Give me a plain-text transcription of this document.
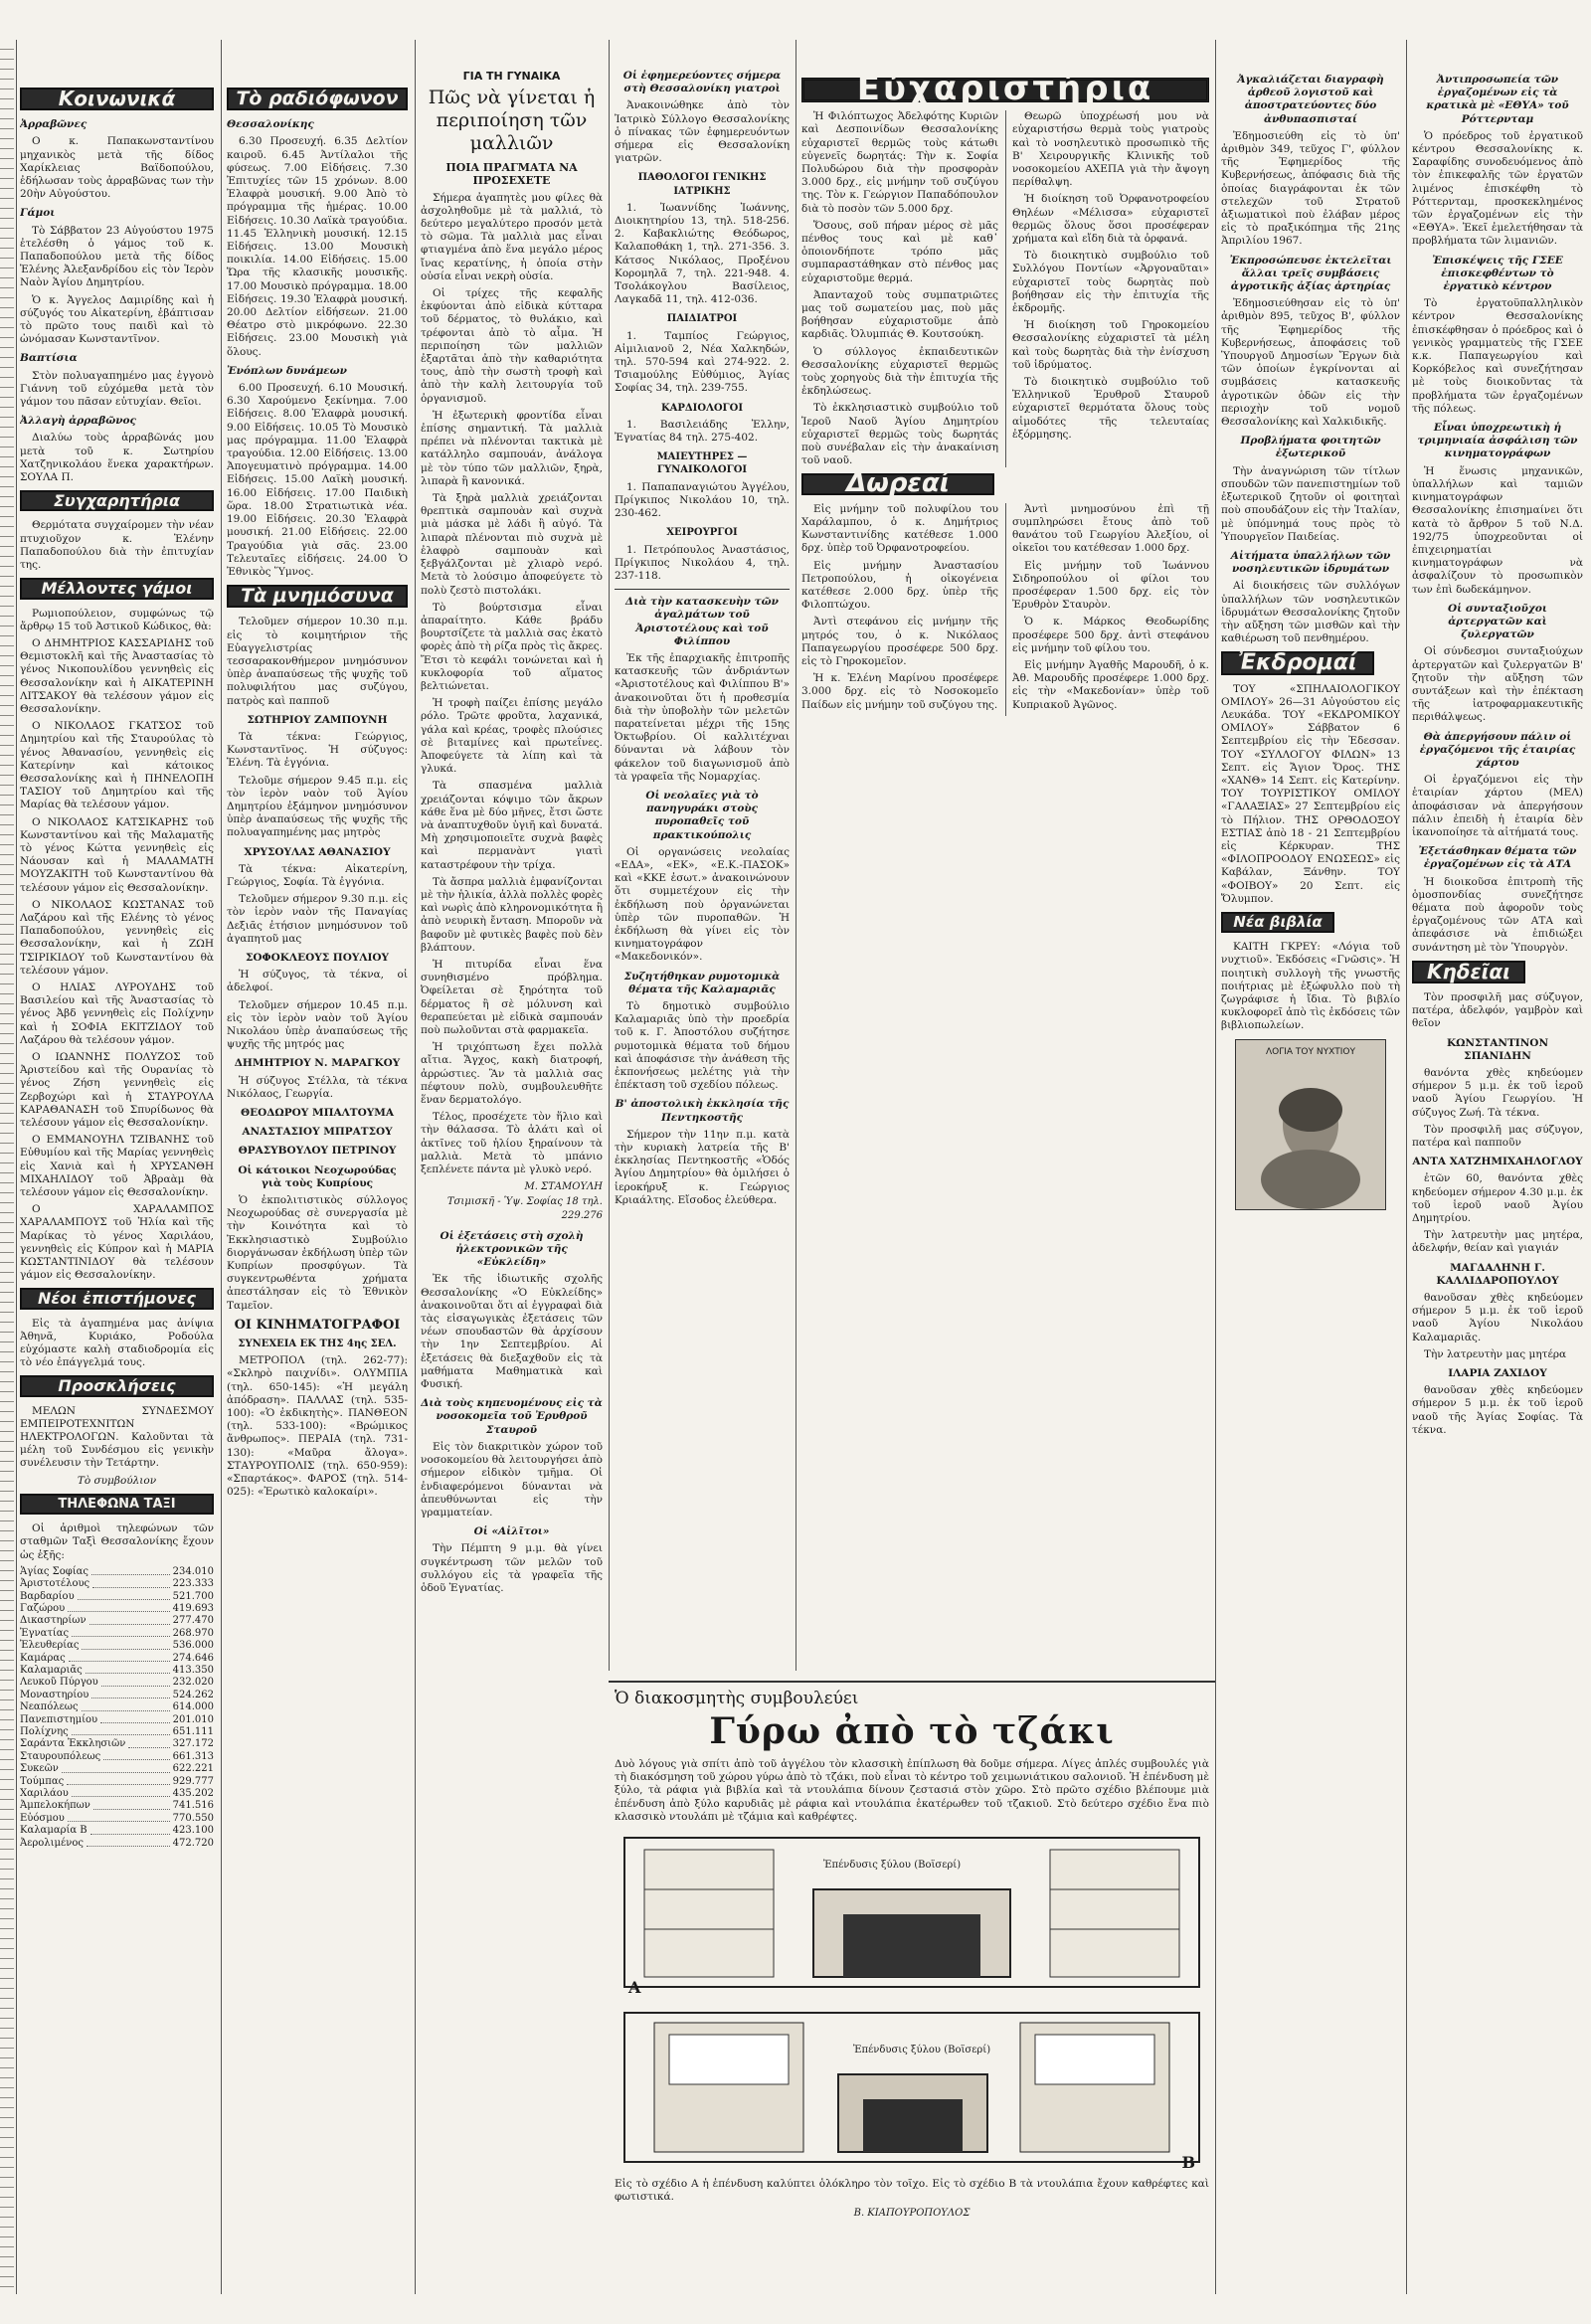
Κοινωνικά
Ἀρραβῶνες

Ο κ. Παπακωνσταντίνου μηχανικὸς μετὰ τῆς δίδος Χαρίκλειας Βαϊδοπούλου, ἐδήλωσαν τοὺς ἀρραβῶνας των τὴν 20ὴν Αὐγούστου.

Γάμοι

Τὸ Σάββατον 23 Αὐγούστου 1975 ἐτελέσθη ὁ γάμος τοῦ κ. Παπαδοπούλου μετὰ τῆς δίδος Ἑλένης Ἀλεξανδρίδου εἰς τὸν Ἱερὸν Ναὸν Ἁγίου Δημητρίου.

Ὁ κ. Ἀγγελος Δαμιρίδης καὶ ἡ σύζυγός του Αἰκατερίνη, ἐβάπτισαν τὸ πρῶτο τους παιδὶ καὶ τὸ ὠνόμασαν Κωνσταντῖνον.

Βαπτίσια

Στὸν πολυαγαπημένο μας ἐγγονὸ Γιάννη τοῦ εὐχόμεθα μετὰ τὸν γάμον του πᾶσαν εὐτυχίαν. Θεῖοι.

Ἀλλαγὴ ἀρραβῶνος

Διαλύω τοὺς ἀρραβῶνάς μου μετὰ τοῦ κ. Σωτηρίου Χατζηνικολάου ἕνεκα χαρακτήρων. ΣΟΥΛΑ Π.

Συγχαρητήρια

Θερμότατα συγχαίρομεν τὴν νέαν πτυχιοῦχον κ. Ἑλένην Παπαδοπούλου διὰ τὴν ἐπιτυχίαν της.

Μέλλοντες γάμοι

Ρωμιοπούλειον, συμφώνως τῷ ἄρθρῳ 15 τοῦ Ἀστικοῦ Κώδικος, θὰ:

Ο ΔΗΜΗΤΡΙΟΣ ΚΑΣΣΑΡΙΔΗΣ τοῦ Θεμιστοκλῆ καὶ τῆς Ἀναστασίας τὸ γένος Νικοπουλίδου γεννηθεὶς εἰς Θεσσαλονίκην καὶ ἡ ΑΙΚΑΤΕΡΙΝΗ ΛΙΤΣΑΚΟΥ θὰ τελέσουν γάμον εἰς Θεσσαλονίκην.

Ο ΝΙΚΟΛΑΟΣ ΓΚΑΤΣΟΣ τοῦ Δημητρίου καὶ τῆς Σταυρούλας τὸ γένος Ἀθανασίου, γεννηθεὶς εἰς Κατερίνην καὶ κάτοικος Θεσσαλονίκης καὶ ἡ ΠΗΝΕΛΟΠΗ ΤΑΣΙΟΥ τοῦ Δημητρίου καὶ τῆς Μαρίας θὰ τελέσουν γάμον.

Ο ΝΙΚΟΛΑΟΣ ΚΑΤΣΙΚΑΡΗΣ τοῦ Κωνσταντίνου καὶ τῆς Μαλαματῆς τὸ γένος Κώττα γεννηθεὶς εἰς Νάουσαν καὶ ἡ ΜΑΛΑΜΑΤΗ ΜΟΥΖΑΚΙΤΗ τοῦ Κωνσταντίνου θὰ τελέσουν γάμον εἰς Θεσσαλονίκην.

Ο ΝΙΚΟΛΑΟΣ ΚΩΣΤΑΝΑΣ τοῦ Λαζάρου καὶ τῆς Ελένης τὸ γένος Παπαδοπούλου, γεννηθεὶς εἰς Θεσσαλονίκην, καὶ ἡ ΖΩΗ ΤΣΙΡΙΚΙΔΟΥ τοῦ Κωνσταντίνου θὰ τελέσουν γάμον.

Ο ΗΛΙΑΣ ΛΥΡΟΥΔΗΣ τοῦ Βασιλείου καὶ τῆς Ἀναστασίας τὸ γένος Ἀβδ γεννηθεὶς εἰς Πολίχνην καὶ ἡ ΣΟΦΙΑ ΕΚΙΤΖΙΔΟΥ τοῦ Λαζάρου θὰ τελέσουν γάμον.

Ο ΙΩΑΝΝΗΣ ΠΟΛΥΖΟΣ τοῦ Ἀριστείδου καὶ τῆς Ουρανίας τὸ γένος Ζήση γεννηθεὶς εἰς Ζερβοχώρι καὶ ἡ ΣΤΑΥΡΟΥΛΑ ΚΑΡΑΘΑΝΑΣΗ τοῦ Σπυρίδωνος θὰ τελέσουν γάμον εἰς Θεσσαλονίκην.

Ο ΕΜΜΑΝΟΥΗΛ ΤΖΙΒΑΝΗΣ τοῦ Εὐθυμίου καὶ τῆς Μαρίας γεννηθεὶς εἰς Χανιὰ καὶ ἡ ΧΡΥΣΑΝΘΗ ΜΙΧΑΗΛΙΔΟΥ τοῦ Ἀβραὰμ θὰ τελέσουν γάμον εἰς Θεσσαλονίκην.

Ο ΧΑΡΑΛΑΜΠΟΣ ΧΑΡΑΛΑΜΠΟΥΣ τοῦ Ἠλία καὶ τῆς Μαρίκας τὸ γένος Χαριλάου, γεννηθεὶς εἰς Κύπρον καὶ ἡ ΜΑΡΙΑ ΚΩΣΤΑΝΤΙΝΙΔΟΥ θὰ τελέσουν γάμον εἰς Θεσσαλονίκην.

Νέοι ἐπιστήμονες

Εἰς τὰ ἀγαπημένα μας ἀνίψια Ἀθηνᾶ, Κυριάκο, Ροδούλα εὐχόμαστε καλὴ σταδιοδρομία εἰς τὸ νέο ἐπάγγελμά τους.

Προσκλήσεις

ΜΕΛΩΝ ΣΥΝΔΕΣΜΟΥ ΕΜΠΕΙΡΟΤΕΧΝΙΤΩΝ ΗΛΕΚΤΡΟΛΟΓΩΝ. Καλοῦνται τὰ μέλη τοῦ Συνδέσμου εἰς γενικὴν συνέλευσιν τὴν Τετάρτην.

Τὸ συμβούλιον
ΤΗΛΕΦΩΝΑ ΤΑΞΙ

Οἱ ἀριθμοὶ τηλεφώνων τῶν σταθμῶν Ταξὶ Θεσσαλονίκης ἔχουν ὡς ἑξῆς:

Ἁγίας Σοφίας	234.010
Ἀριστοτέλους	223.333
Βαρδαρίου	521.700
Γαζώρου	419.693
Δικαστηρίων	277.470
Ἐγνατίας	268.970
Ἐλευθερίας	536.000
Καμάρας	274.646
Καλαμαριᾶς	413.350
Λευκοῦ Πύργου	232.020
Μοναστηρίου	524.262
Νεαπόλεως	614.000
Πανεπιστημίου	201.010
Πολίχνης	651.111
Σαράντα Ἐκκλησιῶν	327.172
Σταυρουπόλεως	661.313
Συκεῶν	622.221
Τούμπας	929.777
Χαριλάου	435.202
Ἀμπελοκήπων	741.516
Εὐόσμου	770.550
Καλαμαρία Β	423.100
Ἀερολιμένος	472.720
Τὸ ραδιόφωνον
Θεσσαλονίκης

6.30 Προσευχή. 6.35 Δελτίον καιροῦ. 6.45 Ἀντίλαλοι τῆς φύσεως. 7.00 Εἰδήσεις. 7.30 Ἐπιτυχίες τῶν 15 χρόνων. 8.00 Ἐλαφρὰ μουσική. 9.00 Ἀπὸ τὸ πρόγραμμα τῆς ἡμέρας. 10.00 Εἰδήσεις. 10.30 Λαϊκὰ τραγούδια. 11.45 Ἑλληνικὴ μουσική. 12.15 Εἰδήσεις. 13.00 Μουσικὴ ποικιλία. 14.00 Εἰδήσεις. 15.00 Ὥρα τῆς κλασικῆς μουσικῆς. 17.00 Μουσικὸ πρόγραμμα. 18.00 Εἰδήσεις. 19.30 Ἐλαφρὰ μουσική. 20.00 Δελτίον εἰδήσεων. 21.00 Θέατρο στὸ μικρόφωνο. 22.30 Εἰδήσεις. 23.00 Μουσικὴ γιὰ ὅλους.

Ἐνόπλων δυνάμεων

6.00 Προσευχή. 6.10 Μουσική. 6.30 Χαρούμενο ξεκίνημα. 7.00 Εἰδήσεις. 8.00 Ἐλαφρὰ μουσική. 9.00 Εἰδήσεις. 10.05 Τὸ Μουσικὸ μας πρόγραμμα. 11.00 Ἐλαφρὰ τραγούδια. 12.00 Εἰδήσεις. 13.00 Ἀπογευματινὸ πρόγραμμα. 14.00 Εἰδήσεις. 15.00 Λαϊκὴ μουσική. 16.00 Εἰδήσεις. 17.00 Παιδικὴ ὥρα. 18.00 Στρατιωτικὰ νέα. 19.00 Εἰδήσεις. 20.30 Ἐλαφρὰ μουσική. 21.00 Εἰδήσεις. 22.00 Τραγούδια γιὰ σᾶς. 23.00 Τελευταῖες εἰδήσεις. 24.00 Ὁ Ἐθνικὸς Ὕμνος.

Τὰ μνημόσυνα

Τελοῦμεν σήμερον 10.30 π.μ. εἰς τὸ κοιμητήριον τῆς Εὐαγγελιστρίας τεσσαρακονθήμερον μνημόσυνον ὑπὲρ ἀναπαύσεως τῆς ψυχῆς τοῦ πολυφιλήτου μας συζύγου, πατρὸς καὶ παπποῦ

ΣΩΤΗΡΙΟΥ ΖΑΜΠΟΥΝΗ

Τὰ τέκνα: Γεώργιος, Κωνσταντῖνος. Ἡ σύζυγος: Ἑλένη. Τὰ ἐγγόνια.

Τελοῦμε σήμερον 9.45 π.μ. εἰς τὸν ἱερὸν ναὸν τοῦ Ἁγίου Δημητρίου ἑξάμηνον μνημόσυνον ὑπὲρ ἀναπαύσεως τῆς ψυχῆς τῆς πολυαγαπημένης μας μητρὸς

ΧΡΥΣΟΥΛΑΣ ΑΘΑΝΑΣΙΟΥ

Τὰ τέκνα: Αἰκατερίνη, Γεώργιος, Σοφία. Τὰ ἐγγόνια.

Τελοῦμεν σήμερον 9.30 π.μ. εἰς τὸν ἱερὸν ναὸν τῆς Παναγίας Δεξιᾶς ἐτήσιον μνημόσυνον τοῦ ἀγαπητοῦ μας

ΣΟΦΟΚΛΕΟΥΣ ΠΟΥΛΙΟΥ

Ἡ σύζυγος, τὰ τέκνα, οἱ ἀδελφοί.

Τελοῦμεν σήμερον 10.45 π.μ. εἰς τὸν ἱερὸν ναὸν τοῦ Ἁγίου Νικολάου ὑπὲρ ἀναπαύσεως τῆς ψυχῆς τῆς μητρός μας

ΔΗΜΗΤΡΙΟΥ Ν. ΜΑΡΑΓΚΟΥ

Ἡ σύζυγος Στέλλα, τὰ τέκνα Νικόλαος, Γεωργία.

ΘΕΟΔΩΡΟΥ ΜΠΑΛΤΟΥΜΑ
ΑΝΑΣΤΑΣΙΟΥ ΜΠΡΑΤΣΟΥ
ΘΡΑΣΥΒΟΥΛΟΥ ΠΕΤΡΙΝΟΥ
Οἱ κάτοικοι Νεοχωρούδας γιὰ τοὺς Κυπρίους

Ὁ ἐκπολιτιστικὸς σύλλογος Νεοχωρούδας σὲ συνεργασία μὲ τὴν Κοινότητα καὶ τὸ Ἐκκλησιαστικὸ Συμβούλιο διοργάνωσαν ἐκδήλωση ὑπὲρ τῶν Κυπρίων προσφύγων. Τὰ συγκεντρωθέντα χρήματα ἀπεστάλησαν εἰς τὸ Ἐθνικὸν Ταμεῖον.

ΟΙ ΚΙΝΗΜΑΤΟΓΡΑΦΟΙ
ΣΥΝΕΧΕΙΑ ΕΚ ΤΗΣ 4ης ΣΕΛ.

ΜΕΤΡΟΠΟΛ (τηλ. 262-77): «Σκληρὸ παιχνίδι». ΟΛΥΜΠΙΑ (τηλ. 650-145): «Ἡ μεγάλη ἀπόδραση». ΠΑΛΛΑΣ (τηλ. 535-100): «Ὁ ἐκδικητὴς». ΠΑΝΘΕΟΝ (τηλ. 533-100): «Βρώμικος ἄνθρωπος». ΠΕΡΑΙΑ (τηλ. 731-130): «Μαῦρα ἄλογα». ΣΤΑΥΡΟΥΠΟΛΙΣ (τηλ. 650-959): «Σπαρτάκος». ΦΑΡΟΣ (τηλ. 514-025): «Ἐρωτικὸ καλοκαίρι».

ΓΙΑ ΤΗ ΓΥΝΑΙΚΑ
Πῶς νὰ γίνεται ἡ περιποίηση τῶν μαλλιῶν
ΠΟΙΑ ΠΡΑΓΜΑΤΑ ΝΑ ΠΡΟΣΕΧΕΤΕ

Σήμερα ἀγαπητὲς μου φίλες θὰ ἀσχοληθοῦμε μὲ τὰ μαλλιά, τὸ δεύτερο μεγαλύτερο προσόν μετὰ τὸ σῶμα. Τὰ μαλλιὰ μας εἶναι φτιαγμένα ἀπὸ ἕνα μεγάλο μέρος ἴνας κερατίνης, ἡ ὁποία στὴν οὐσία εἶναι νεκρὴ οὐσία.

Οἱ τρίχες τῆς κεφαλῆς ἐκφύονται ἀπὸ εἰδικὰ κύτταρα τοῦ δέρματος, τὸ θυλάκιο, καὶ τρέφονται ἀπὸ τὸ αἷμα. Ἡ περιποίηση τῶν μαλλιῶν ἐξαρτᾶται ἀπὸ τὴν καθαριότητα τους, ἀπὸ τὴν σωστὴ τροφὴ καὶ ἀπὸ τὴν καλὴ λειτουργία τοῦ ὀργανισμοῦ.

Ἡ ἐξωτερικὴ φροντίδα εἶναι ἐπίσης σημαντική. Τὰ μαλλιὰ πρέπει νὰ πλένονται τακτικὰ μὲ κατάλληλο σαμπουάν, ἀνάλογα μὲ τὸν τύπο τῶν μαλλιῶν, ξηρὰ, λιπαρὰ ἢ κανονικά.

Τὰ ξηρὰ μαλλιὰ χρειάζονται θρεπτικὰ σαμπουὰν καὶ συχνὰ μιὰ μάσκα μὲ λάδι ἢ αὐγό. Τὰ λιπαρὰ πλένονται πιὸ συχνὰ μὲ ἐλαφρὸ σαμπουὰν καὶ ξεβγάλζονται μὲ χλιαρὸ νερό. Μετὰ τὸ λούσιμο ἀποφεύγετε τὸ πολὺ ζεστὸ πιστολάκι.

Τὸ βούρτσισμα εἶναι ἀπαραίτητο. Κάθε βράδυ βουρτσίζετε τὰ μαλλιὰ σας ἑκατὸ φορὲς ἀπὸ τὴ ρίζα πρὸς τὶς ἄκρες. Ἔτσι τὸ κεφάλι τονώνεται καὶ ἡ κυκλοφορία τοῦ αἵματος βελτιώνεται.

Ἡ τροφὴ παίζει ἐπίσης μεγάλο ρόλο. Τρῶτε φροῦτα, λαχανικά, γάλα καὶ κρέας, τροφὲς πλούσιες σὲ βιταμίνες καὶ πρωτεΐνες. Ἀποφεύγετε τὰ λίπη καὶ τὰ γλυκά.

Τὰ σπασμένα μαλλιὰ χρειάζονται κόψιμο τῶν ἄκρων κάθε ἕνα μὲ δύο μῆνες, ἔτσι ὥστε νὰ ἀναπτυχθοῦν ὑγιῆ καὶ δυνατά. Μὴ χρησιμοποιεῖτε συχνὰ βαφὲς καὶ περμανὰντ γιατὶ καταστρέφουν τὴν τρίχα.

Τὰ ἄσπρα μαλλιὰ ἐμφανίζονται μὲ τὴν ἡλικία, ἀλλὰ πολλὲς φορὲς καὶ νωρὶς ἀπὸ κληρονομικότητα ἢ ἀπὸ νευρικὴ ἔνταση. Μποροῦν νὰ βαφοῦν μὲ φυτικὲς βαφὲς ποὺ δὲν βλάπτουν.

Ἡ πιτυρίδα εἶναι ἕνα συνηθισμένο πρόβλημα. Ὀφείλεται σὲ ξηρότητα τοῦ δέρματος ἢ σὲ μόλυνση καὶ θεραπεύεται μὲ εἰδικὰ σαμπουάν ποὺ πωλοῦνται στὰ φαρμακεῖα.

Ἡ τριχόπτωση ἔχει πολλὰ αἴτια. Ἄγχος, κακὴ διατροφή, ἀρρώστιες. Ἂν τὰ μαλλιὰ σας πέφτουν πολὺ, συμβουλευθῆτε ἕναν δερματολόγο.

Τέλος, προσέχετε τὸν ἥλιο καὶ τὴν θάλασσα. Τὸ ἁλάτι καὶ οἱ ἀκτῖνες τοῦ ἡλίου ξηραίνουν τὰ μαλλιὰ. Μετὰ τὸ μπάνιο ξεπλένετε πάντα μὲ γλυκὸ νερό.

Μ. ΣΤΑΜΟΥΛΗ
Τσιμισκῆ - Ὑψ. Σοφίας 18 τηλ. 229.276
Οἱ ἐξετάσεις στὴ σχολὴ ἠλεκτρονικῶν τῆς «Εὐκλείδη»

Ἐκ τῆς ἰδιωτικῆς σχολῆς Θεσσαλονίκης «Ὁ Εὐκλείδης» ἀνακοινοῦται ὅτι αἱ ἐγγραφαὶ διὰ τὰς εἰσαγωγικὰς ἐξετάσεις τῶν νέων σπουδαστῶν θὰ ἀρχίσουν τὴν 1ην Σεπτεμβρίου. Αἱ ἐξετάσεις θὰ διεξαχθοῦν εἰς τὰ μαθήματα Μαθηματικὰ καὶ Φυσική.

Διὰ τοὺς κηπευομένους εἰς τὰ νοσοκομεῖα τοῦ Ἐρυθροῦ Σταυροῦ

Εἰς τὸν διακριτικὸν χώρον τοῦ νοσοκομείου θὰ λειτουργήσει ἀπὸ σήμερον εἰδικὸν τμῆμα. Οἱ ἐνδιαφερόμενοι δύνανται νὰ ἀπευθύνωνται εἰς τὴν γραμματείαν.

Οἱ «Αἰλῖτοι»

Τὴν Πέμπτη 9 μ.μ. θὰ γίνει συγκέντρωση τῶν μελῶν τοῦ συλλόγου εἰς τὰ γραφεῖα τῆς ὁδοῦ Ἐγνατίας.

Οἱ ἐφημερεύοντες σήμερα στὴ Θεσσαλονίκη γιατροὶ

Ἀνακοινώθηκε ἀπὸ τὸν Ἰατρικὸ Σύλλογο Θεσσαλονίκης ὁ πίνακας τῶν ἐφημερευόντων σήμερα εἰς Θεσσαλονίκη γιατρῶν.

ΠΑΘΟΛΟΓΟΙ ΓΕΝΙΚΗΣ ΙΑΤΡΙΚΗΣ

1. Ἰωαννίδης Ἰωάννης, Διοικητηρίου 13, τηλ. 518-256. 2. Καβακλιώτης Θεόδωρος, Καλαποθάκη 1, τηλ. 271-356. 3. Κάτσος Νικόλαος, Προξένου Κορομηλᾶ 7, τηλ. 221-948. 4. Τσολάκογλου Βασίλειος, Λαγκαδᾶ 11, τηλ. 412-036.

ΠΑΙΔΙΑΤΡΟΙ

1. Ταμπίος Γεώργιος, Αἰμιλιανοῦ 2, Νέα Χαλκηδών, τηλ. 570-594 καὶ 274-922. 2. Τσιαμούλης Εὐθύμιος, Ἁγίας Σοφίας 34, τηλ. 239-755.

ΚΑΡΔΙΟΛΟΓΟΙ

1. Βασιλειάδης Ἐλλην, Ἐγνατίας 84 τηλ. 275-402.

ΜΑΙΕΥΤΗΡΕΣ — ΓΥΝΑΙΚΟΛΟΓΟΙ

1. Παπαπαναγιώτου Ἀγγέλου, Πρίγκιπος Νικολάου 10, τηλ. 230-462.

ΧΕΙΡΟΥΡΓΟΙ

1. Πετρόπουλος Ἀναστάσιος, Πρίγκιπος Νικολάου 4, τηλ. 237-118.

Διὰ τὴν κατασκευὴν τῶν ἀγαλμάτων τοῦ Ἀριστοτέλους καὶ τοῦ Φιλίππου

Ἐκ τῆς ἐπαρχιακῆς ἐπιτροπῆς κατασκευῆς τῶν ἀνδριάντων «Ἀριστοτέλους καὶ Φιλίππου Β'» ἀνακοινοῦται ὅτι ἡ προθεσμία διὰ τὴν ὑποβολὴν τῶν μελετῶν παρατείνεται μέχρι τῆς 15ης Ὀκτωβρίου. Οἱ καλλιτέχναι δύνανται νὰ λάβουν τὸν φάκελον τοῦ διαγωνισμοῦ ἀπὸ τὰ γραφεῖα τῆς Νομαρχίας.

Οἱ νεολαῖες γιὰ τὸ πανηγυράκι στοὺς πυροπαθεῖς τοῦ πρακτικούπολις

Οἱ οργανώσεις νεολαίας «ΕΔΑ», «ΕΚ», «Ε.Κ.-ΠΑΣΟΚ» καὶ «ΚΚΕ ἐσωτ.» ἀνακοινώνουν ὅτι συμμετέχουν εἰς τὴν ἐκδήλωση ποὺ ὀργανώνεται ὑπὲρ τῶν πυροπαθῶν. Ἡ ἐκδήλωση θὰ γίνει εἰς τὸν κινηματογράφον «Μακεδονικόν».

Συζητήθηκαν ρυμοτομικὰ θέματα τῆς Καλαμαριᾶς

Τὸ δημοτικὸ συμβούλιο Καλαμαριᾶς ὑπὸ τὴν προεδρία τοῦ κ. Γ. Ἀποστόλου συζήτησε ρυμοτομικὰ θέματα τοῦ δήμου καὶ ἀποφάσισε τὴν ἀνάθεση τῆς ἐκπονήσεως μελέτης γιὰ τὴν ἐπέκταση τοῦ σχεδίου πόλεως.

Β' ἀποστολικὴ ἐκκλησία τῆς Πεντηκοστῆς

Σήμερον τὴν 11ην π.μ. κατὰ τὴν κυριακὴ λατρεία τῆς Β' ἐκκλησίας Πεντηκοστῆς «Ὁδός Ἀγίου Δημητρίου» θὰ ὁμιλήσει ὁ ἱεροκήρυξ κ. Γεώργιος Κριαάλτης. Εἴσοδος ἐλεύθερα.

Εὐχαριστήρια

Ἡ Φιλόπτωχος Ἀδελφότης Κυριῶν καὶ Δεσποινίδων Θεσσαλονίκης εὐχαριστεῖ θερμῶς τοὺς κάτωθι εὐγενεῖς δωρητάς: Τὴν κ. Σοφία Πολυδώρου διὰ τὴν προσφορὰν 3.000 δρχ., εἰς μνήμην τοῦ συζύγου της. Τὸν κ. Γεώργιον Παπαδόπουλον διὰ τὸ ποσὸν τῶν 5.000 δρχ.

Ὅσους, σοῦ πήραν μέρος σὲ μᾶς πένθος τους καὶ μὲ καθ᾿ ὁποιονδήποτε τρόπο μᾶς συμπαραστάθηκαν στὸ πένθος μας εὐχαριστοῦμε θερμά.

Ἀπανταχοῦ τοὺς συμπατριῶτες μας τοῦ σωματείου μας, ποὺ μᾶς βοήθησαν εὐχαριστοῦμε ἀπὸ καρδιᾶς. Ὀλυμπιάς Θ. Κουτσούκη.

Ὁ σύλλογος ἐκπαιδευτικῶν Θεσσαλονίκης εὐχαριστεῖ θερμῶς τοὺς χορηγοὺς διὰ τὴν ἐπιτυχία τῆς ἐκδηλώσεως.

Τὸ ἐκκλησιαστικὸ συμβούλιο τοῦ Ἱεροῦ Ναοῦ Ἁγίου Δημητρίου εὐχαριστεῖ θερμῶς τοὺς δωρητάς ποὺ συνέβαλαν εἰς τὴν ἀνακαίνιση τοῦ ναοῦ.

Θεωρῶ ὑποχρέωσή μου νὰ εὐχαριστήσω θερμὰ τοὺς γιατροὺς καὶ τὸ νοσηλευτικὸ προσωπικὸ τῆς Β' Χειρουργικῆς Κλινικῆς τοῦ νοσοκομείου ΑΧΕΠΑ γιὰ τὴν ἄψογη περίθαλψη.

Ἡ διοίκηση τοῦ Ὀρφανοτροφείου Θηλέων «Μέλισσα» εὐχαριστεῖ θερμῶς ὅλους ὅσοι προσέφεραν χρήματα καὶ εἴδη διὰ τὰ ὀρφανά.

Τὸ διοικητικὸ συμβούλιο τοῦ Συλλόγου Ποντίων «Ἀργοναῦται» εὐχαριστεῖ τοὺς δωρητὰς ποὺ βοήθησαν εἰς τὴν ἐπιτυχία τῆς ἐκδρομῆς.

Ἡ διοίκηση τοῦ Γηροκομείου Θεσσαλονίκης εὐχαριστεῖ τὰ μέλη καὶ τοὺς δωρητὰς διὰ τὴν ἐνίσχυση τοῦ ἱδρύματος.

Τὸ διοικητικὸ συμβούλιο τοῦ Ἑλληνικοῦ Ἐρυθροῦ Σταυροῦ εὐχαριστεῖ θερμότατα ὅλους τοὺς αἱμοδότες τῆς τελευταίας ἐξόρμησης.

Δωρεαί

Εἰς μνήμην τοῦ πολυφίλου του Χαράλαμπου, ὁ κ. Δημήτριος Κωνσταντινίδης κατέθεσε 1.000 δρχ. ὑπὲρ τοῦ Ὀρφανοτροφείου.

Εἰς μνήμην Ἀναστασίου Πετροπούλου, ἡ οἰκογένεια κατέθεσε 2.000 δρχ. ὑπὲρ τῆς Φιλοπτώχου.

Ἀντὶ στεφάνου εἰς μνήμην τῆς μητρός του, ὁ κ. Νικόλαος Παπαγεωργίου προσέφερε 500 δρχ. εἰς τὸ Γηροκομεῖον.

Ἡ κ. Ἑλένη Μαρίνου προσέφερε 3.000 δρχ. εἰς τὸ Νοσοκομεῖο Παίδων εἰς μνήμην τοῦ συζύγου της.

Ἀντὶ μνημοσύνου ἐπὶ τῇ συμπληρώσει ἔτους ἀπὸ τοῦ θανάτου τοῦ Γεωργίου Ἀλεξίου, οἱ οἰκεῖοι του κατέθεσαν 1.000 δρχ.

Εἰς μνήμην τοῦ Ἰωάννου Σιδηροπούλου οἱ φίλοι του προσέφεραν 1.500 δρχ. εἰς τὸν Ἐρυθρὸν Σταυρὸν.

Ὁ κ. Μάρκος Θεοδωρίδης προσέφερε 500 δρχ. ἀντὶ στεφάνου εἰς μνήμην τοῦ φίλου του.

Εἰς μνήμην Ἀγαθῆς Μαρουδῆ, ὁ κ. Ἀθ. Μαρουδῆς προσέφερε 1.000 δρχ. εἰς τὴν «Μακεδονίαν» ὑπὲρ τοῦ Κυπριακοῦ Ἀγῶνος.

Ἀγκαλιάζεται διαγραφὴ ἀρθεοῦ λογιστοῦ καὶ ἀποστρατεύοντες δύο ἀνθυπασπισταί

Ἐδημοσιεύθη εἰς τὸ ὑπ' ἀριθμὸν 349, τεῦχος Γ', φύλλον τῆς Ἐφημερίδος τῆς Κυβερνήσεως, ἀπόφασις διὰ τῆς ὁποίας διαγράφονται ἐκ τῶν στελεχῶν τοῦ Στρατοῦ ἀξιωματικοὶ ποὺ ἐλάβαν μέρος εἰς τὸ πραξικόπημα τῆς 21ης Ἀπριλίου 1967.

Ἐκπροσώπευσε ἐκτελεῖται ἄλλαι τρεῖς συμβάσεις ἀγροτικῆς ἀξίας ἀρτηρίας

Ἐδημοσιεύθησαν εἰς τὸ ὑπ' ἀριθμὸν 895, τεῦχος Β', φύλλον τῆς Ἐφημερίδος τῆς Κυβερνήσεως, ἀποφάσεις τοῦ Ὑπουργοῦ Δημοσίων Ἔργων διὰ τῶν ὁποίων ἐγκρίνονται αἱ συμβάσεις κατασκευῆς ἀγροτικῶν ὁδῶν εἰς τὴν περιοχὴν τοῦ νομοῦ Θεσσαλονίκης καὶ Χαλκιδικῆς.

Προβλήματα φοιτητῶν ἐξωτερικοῦ

Τὴν ἀναγνώριση τῶν τίτλων σπουδῶν τῶν πανεπιστημίων τοῦ ἐξωτερικοῦ ζητοῦν οἱ φοιτηταὶ ποὺ σπουδάζουν εἰς τὴν Ἰταλίαν, μὲ ὑπόμνημά τους πρὸς τὸ Ὑπουργεῖον Παιδείας.

Αἰτήματα ὑπαλλήλων τῶν νοσηλευτικῶν ἱδρυμάτων

Αἱ διοικήσεις τῶν συλλόγων ὑπαλλήλων τῶν νοσηλευτικῶν ἱδρυμάτων Θεσσαλονίκης ζητοῦν τὴν αὔξηση τῶν μισθῶν καὶ τὴν καθιέρωση τοῦ πενθημέρου.

Ἐκδρομαί

ΤΟΥ «ΣΠΗΛΑΙΟΛΟΓΙΚΟΥ ΟΜΙΛΟΥ» 26—31 Αὐγούστου εἰς Λευκάδα. ΤΟΥ «ΕΚΔΡΟΜΙΚΟΥ ΟΜΙΛΟΥ» Σάββατον 6 Σεπτεμβρίου εἰς τὴν Ἐδεσσαν. ΤΟΥ «ΣΥΛΛΟΓΟΥ ΦΙΛΩΝ» 13 Σεπτ. εἰς Ἄγιον Ὄρος. ΤΗΣ «ΧΑΝΘ» 14 Σεπτ. εἰς Κατερίνην. ΤΟΥ ΤΟΥΡΙΣΤΙΚΟΥ ΟΜΙΛΟΥ «ΓΑΛΑΞΙΑΣ» 27 Σεπτεμβρίου εἰς τὸ Πήλιον. ΤΗΣ ΟΡΘΟΔΟΞΟΥ ΕΣΤΙΑΣ ἀπὸ 18 - 21 Σεπτεμβρίου εἰς Κέρκυραν. ΤΗΣ «ΦΙΛΟΠΡΟΟΔΟΥ ΕΝΩΣΕΩΣ» εἰς Καβάλαν, Ξάνθην. ΤΟΥ «ΦΟΙΒΟΥ» 20 Σεπτ. εἰς Ὄλυμπον.

Νέα βιβλία

ΚΑΙΤΗ ΓΚΡΕΥ: «Λόγια τοῦ νυχτιοῦ». Ἐκδόσεις «Γνῶσις». Ἡ ποιητικὴ συλλογὴ τῆς γνωστῆς ποιήτριας μὲ ἐξώφυλλο ποὺ τὴ ζωγράφισε ἡ ἴδια. Τὸ βιβλίο κυκλοφορεῖ ἀπὸ τὶς ἐκδόσεις τῶν βιβλιοπωλείων.

ΛΟΓΙΑ ΤΟΥ ΝΥΧΤΙΟΥ
Ἀντιπροσωπεία τῶν ἐργαζομένων εἰς τὰ κρατικὰ μὲ «ΕΘΥΑ» τοῦ Ρόττερνταμ

Ὁ πρόεδρος τοῦ ἐργατικοῦ κέντρου Θεσσαλονίκης κ. Σαραφίδης συνοδευόμενος ἀπὸ τὸν ἐπικεφαλῆς τῶν ἐργατῶν λιμένος ἐπισκέφθη τὸ Ρόττερνταμ, προσκεκλημένος τῶν ἐργαζομένων εἰς τὴν «ΕΘΥΑ». Ἐκεῖ ἐμελετήθησαν τὰ προβλήματα τῶν λιμανιῶν.

Ἐπισκέψεις τῆς ΓΣΕΕ ἐπισκεφθέντων τὸ ἐργατικὸ κέντρον

Τὸ ἐργατοϋπαλληλικὸν κέντρον Θεσσαλονίκης ἐπισκέφθησαν ὁ πρόεδρος καὶ ὁ γενικὸς γραμματεὺς τῆς ΓΣΕΕ κ.κ. Παπαγεωργίου καὶ Κορκόβελος καὶ συνεζήτησαν μὲ τοὺς διοικοῦντας τὰ προβλήματα τῶν ἐργαζομένων τῆς πόλεως.

Εἶναι ὑποχρεωτικὴ ἡ τριμηνιαία ἀσφάλιση τῶν κινηματογράφων

Ἡ ἕνωσις μηχανικῶν, ὑπαλλήλων καὶ ταμιῶν κινηματογράφων Θεσσαλονίκης ἐπισημαίνει ὅτι κατὰ τὸ ἄρθρον 5 τοῦ Ν.Δ. 192/75 ὑποχρεοῦνται οἱ ἐπιχειρηματίαι κινηματογράφων νὰ ἀσφαλίζουν τὸ προσωπικὸν των ἐπὶ δωδεκάμηνον.

Οἱ συνταξιοῦχοι ἀρτεργατῶν καὶ ζυλεργατῶν

Οἱ σύνδεσμοι συνταξιούχων ἀρτεργατῶν καὶ ζυλεργατῶν Β' ζητοῦν τὴν αὔξηση τῶν συντάξεων καὶ τὴν ἐπέκταση τῆς ἰατροφαρμακευτικῆς περιθάλψεως.

Θὰ ἀπεργήσουν πάλιν οἱ ἐργαζόμενοι τῆς ἑταιρίας χάρτου

Οἱ ἐργαζόμενοι εἰς τὴν ἑταιρίαν χάρτου (ΜΕΛ) ἀποφάσισαν νὰ ἀπεργήσουν πάλιν ἐπειδὴ ἡ ἑταιρία δὲν ἱκανοποίησε τὰ αἰτήματά τους.

Ἐξετάσθηκαν θέματα τῶν ἐργαζομένων εἰς τὰ ΑΤΑ

Ἡ διοικοῦσα ἐπιτροπὴ τῆς ὁμοσπονδίας συνεζήτησε θέματα ποὺ ἀφοροῦν τοὺς ἐργαζομένους τῶν ΑΤΑ καὶ ἀπεφάσισε νὰ ἐπιδιώξει συνάντηση μὲ τὸν Ὑπουργὸν.

Κηδεῖαι

Τὸν προσφιλῆ μας σύζυγον, πατέρα, ἀδελφόν, γαμβρὸν καὶ θεῖον

ΚΩΝΣΤΑΝΤΙΝΟΝ ΣΠΑΝΙΔΗΝ

θανόντα χθὲς κηδεύομεν σήμερον 5 μ.μ. ἐκ τοῦ ἱεροῦ ναοῦ Ἁγίου Γεωργίου. Ἡ σύζυγος Ζωή. Τὰ τέκνα.

Τὸν προσφιλῆ μας σύζυγον, πατέρα καὶ παπποῦν

ΑΝΤΑ ΧΑΤΖΗΜΙΧΑΗΛΟΓΛΟΥ

ἐτῶν 60, θανόντα χθὲς κηδεύομεν σήμερον 4.30 μ.μ. ἐκ τοῦ ἱεροῦ ναοῦ Ἀγίου Δημητρίου.

Τὴν λατρευτὴν μας μητέρα, ἀδελφήν, θείαν καὶ γιαγιάν

ΜΑΓΔΑΛΗΝΗ Γ. ΚΑΛΛΙΔΑΡΟΠΟΥΛΟΥ

θανοῦσαν χθὲς κηδεύομεν σήμερον 5 μ.μ. ἐκ τοῦ ἱεροῦ ναοῦ Ἁγίου Νικολάου Καλαμαριᾶς.

Τὴν λατρευτὴν μας μητέρα

ΙΛΑΡΙΑ ΖΑΧΙΔΟΥ

θανοῦσαν χθὲς κηδεύομεν σήμερον 5 μ.μ. ἐκ τοῦ ἱεροῦ ναοῦ τῆς Ἁγίας Σοφίας. Τὰ τέκνα.

Ὁ διακοσμητὴς συμβουλεύει
Γύρω ἀπὸ τὸ τζάκι

Δυὸ λόγους γιὰ σπίτι ἀπὸ τοῦ ἀγγέλου τὸν κλασσικὴ ἐπίπλωση θὰ δοῦμε σήμερα. Λίγες ἀπλές συμβουλές γιὰ τὴ διακόσμηση τοῦ χώρου γύρω ἀπὸ τὸ τζάκι, ποὺ εἶναι τὸ κέντρο τοῦ χειμωνιάτικου σαλονιοῦ. Ἡ ἐπένδυση μὲ ξύλο, τὰ ράφια γιὰ βιβλία καὶ τὰ ντουλάπια δίνουν ζεστασιά στὸν χῶρο. Στὸ πρῶτο σχέδιο βλέπουμε μιὰ ἐπένδυση ἀπὸ ξύλο καρυδιᾶς μὲ ράφια καὶ ντουλάπια ἑκατέρωθεν τοῦ τζακιοῦ. Στὸ δεύτερο σχέδιο ἕνα πιὸ κλασσικὸ ντουλάπι μὲ τζάμια καὶ καθρέφτες.

Ἐπένδυσις ξύλου (Βοϊσερί)
Α
Ἐπένδυσις ξύλου (Βοϊσερί)
Β

Εἰς τὸ σχέδιο Α ἡ ἐπένδυση καλύπτει ὁλόκληρο τὸν τοῖχο. Εἰς τὸ σχέδιο Β τὰ ντουλάπια ἔχουν καθρέφτες καὶ φωτιστικά.

Β. ΚΙΑΠΟΥΡΟΠΟΥΛΟΣ
